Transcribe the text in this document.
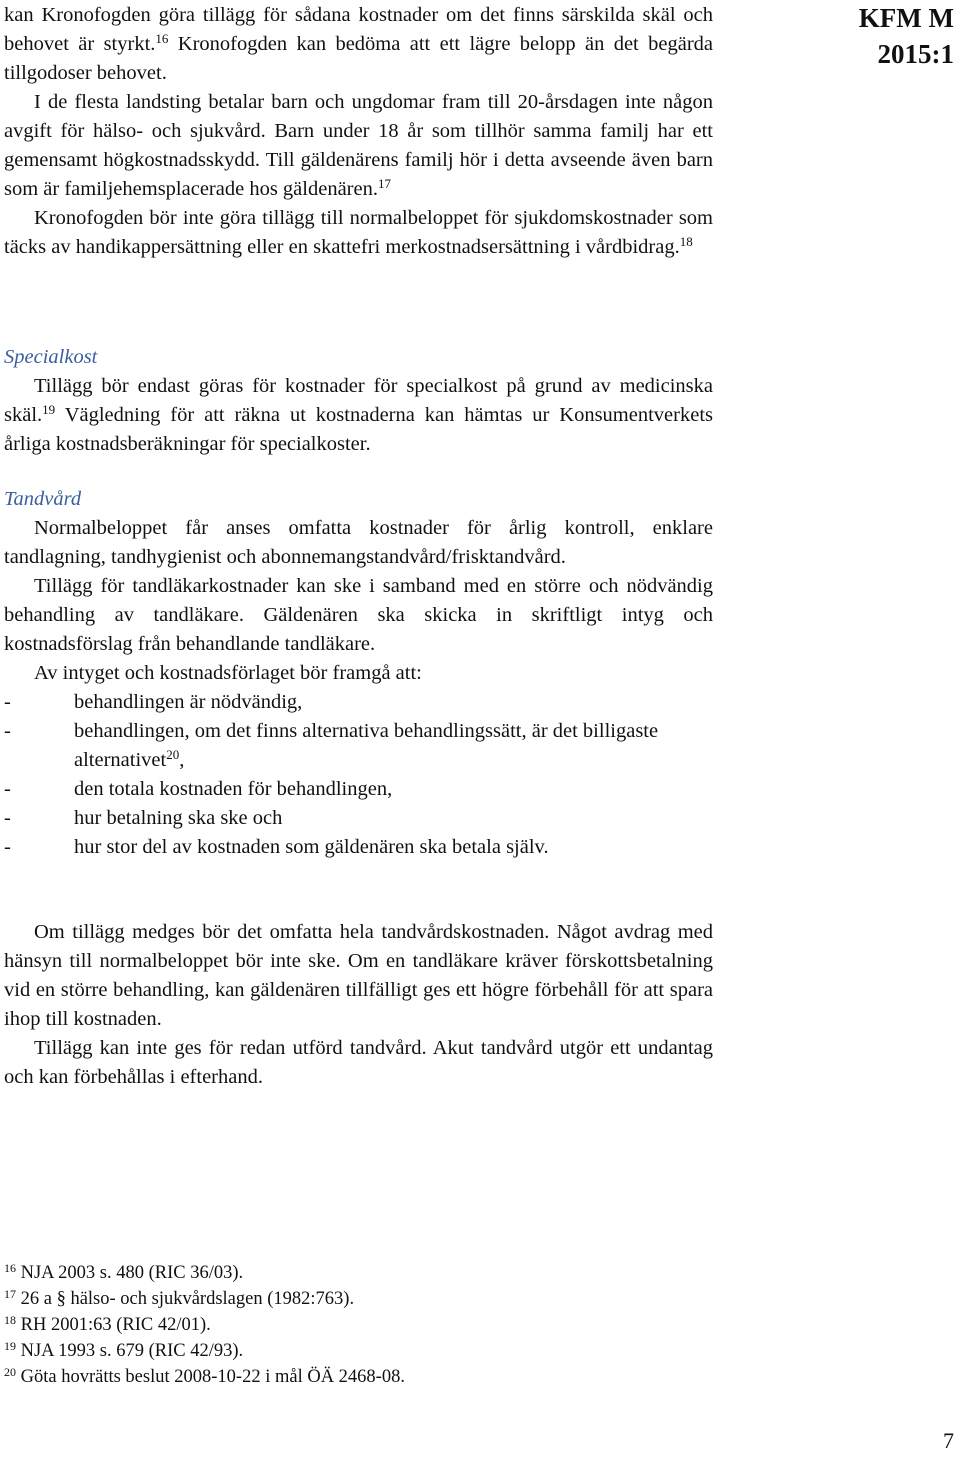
KFM M
2015:1

kan Kronofogden göra tillägg för sådana kostnader om det finns särskilda skäl och behovet är styrkt.$^{16}$ Kronofogden kan bedöma att ett lägre belopp än det begärda tillgodoser behovet.

I de flesta landsting betalar barn och ungdomar fram till 20-årsdagen inte någon avgift för hälso- och sjukvård. Barn under 18 år som tillhör samma familj har ett gemensamt högkostnadsskydd. Till gäldenärens familj hör i detta avseende även barn som är familjehemsplacerade hos gäldenären.$^{17}$

Kronofogden bör inte göra tillägg till normalbeloppet för sjukdomskostnader som täcks av handikappersättning eller en skattefri merkostnadsersättning i vårdbidrag.$^{18}$

Specialkost

Tillägg bör endast göras för kostnader för specialkost på grund av medicinska skäl.$^{19}$ Vägledning för att räkna ut kostnaderna kan hämtas ur Konsumentverkets årliga kostnadsberäkningar för specialkoster.

Tandvård

Normalbeloppet får anses omfatta kostnader för årlig kontroll, enklare tandlagning, tandhygienist och abonnemangstandvård/frisktandvård.

Tillägg för tandläkarkostnader kan ske i samband med en större och nödvändig behandling av tandläkare. Gäldenären ska skicka in skriftligt intyg och kostnadsförslag från behandlande tandläkare.

Av intyget och kostnadsförlaget bör framgå att:

-	behandlingen är nödvändig,

-	behandlingen, om det finns alternativa behandlingssätt, är det billigaste alternativet$^{20}$,

-	den totala kostnaden för behandlingen,

-	hur betalning ska ske och

-	hur stor del av kostnaden som gäldenären ska betala själv.

Om tillägg medges bör det omfatta hela tandvårdskostnaden. Något avdrag med hänsyn till normalbeloppet bör inte ske. Om en tandläkare kräver förskottsbetalning vid en större behandling, kan gäldenären tillfälligt ges ett högre förbehåll för att spara ihop till kostnaden.

Tillägg kan inte ges för redan utförd tandvård. Akut tandvård utgör ett undantag och kan förbehållas i efterhand.

$^{16}$ NJA 2003 s. 480 (RIC 36/03).
$^{17}$ 26 a § hälso- och sjukvårdslagen (1982:763).
$^{18}$ RH 2001:63 (RIC 42/01).
$^{19}$ NJA 1993 s. 679 (RIC 42/93).
$^{20}$ Göta hovrätts beslut 2008-10-22 i mål ÖÄ 2468-08.
7
